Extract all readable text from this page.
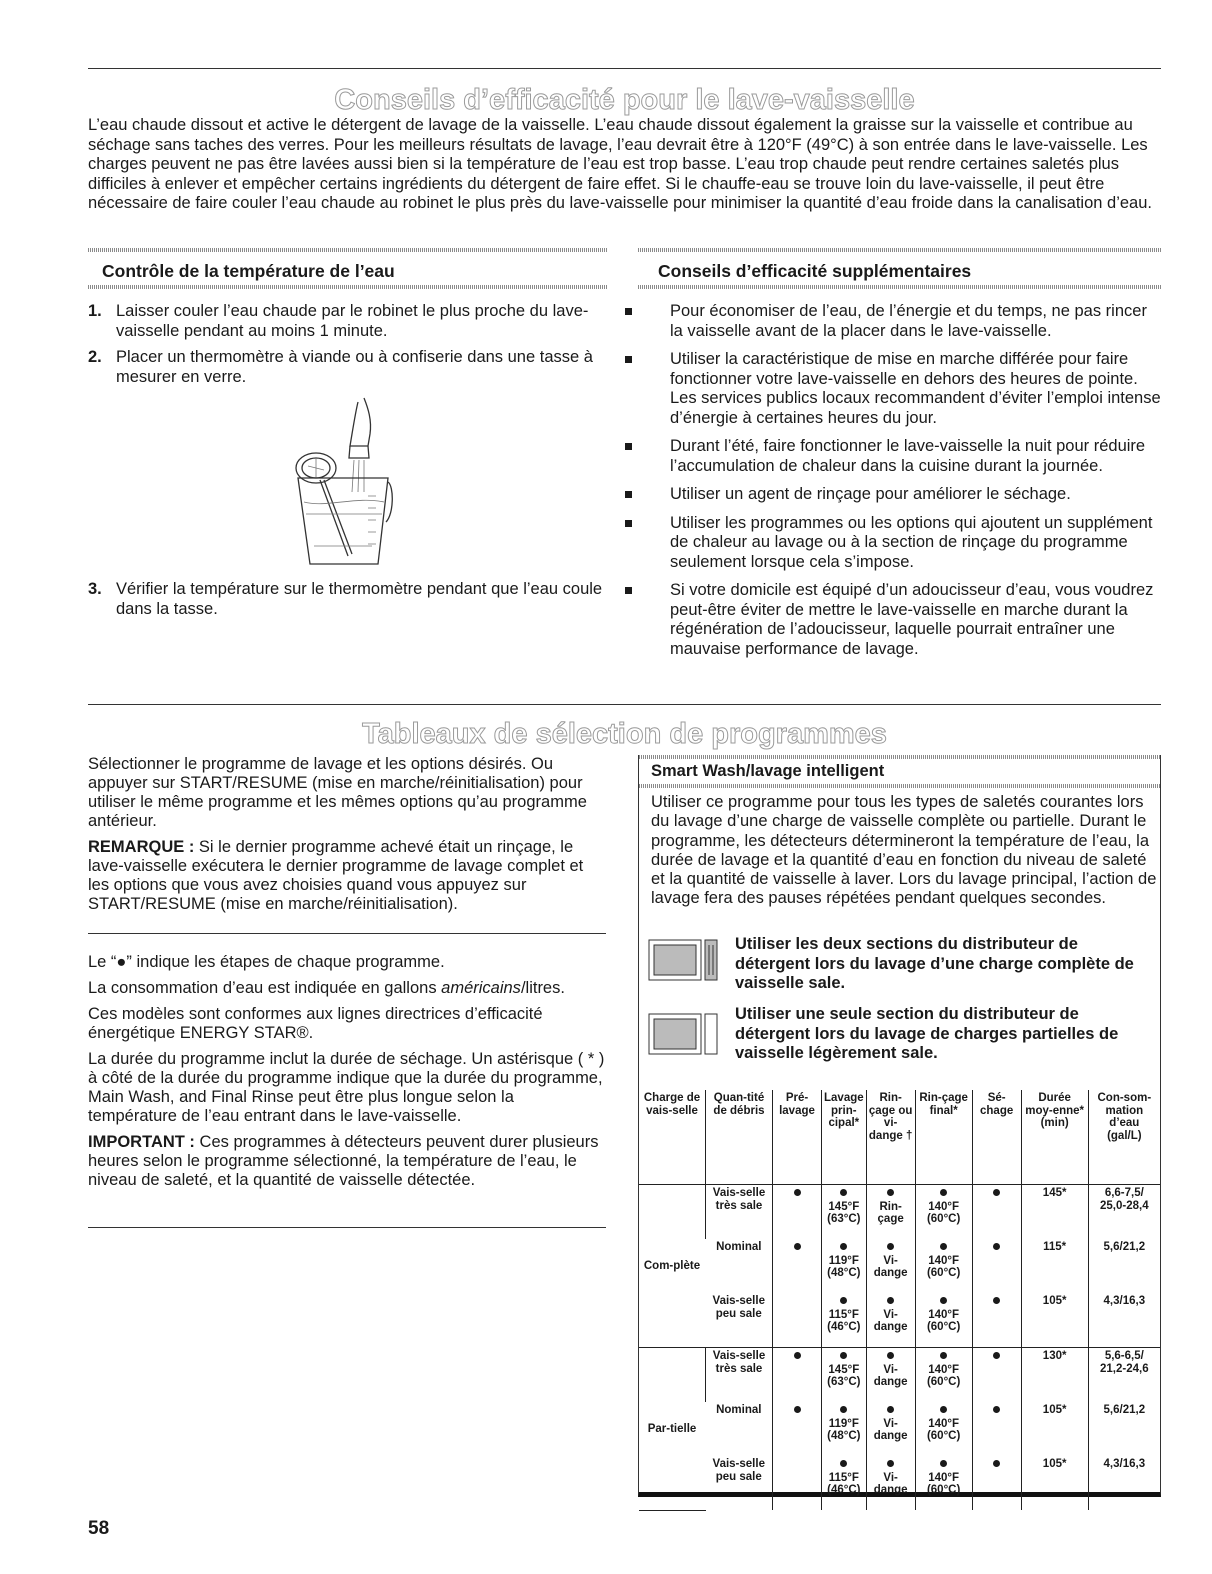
Conseils d’efficacité pour le lave-vaisselle
L’eau chaude dissout et active le détergent de lavage de la vaisselle. L’eau chaude dissout également la graisse sur la vaisselle et contribue au séchage sans taches des verres. Pour les meilleurs résultats de lavage, l’eau devrait être à 120°F (49°C) à son entrée dans le lave-vaisselle. Les charges peuvent ne pas être lavées aussi bien si la température de l’eau est trop basse. L’eau trop chaude peut rendre certaines saletés plus difficiles à enlever et empêcher certains ingrédients du détergent de faire effet. Si le chauffe-eau se trouve loin du lave-vaisselle, il peut être nécessaire de faire couler l’eau chaude au robinet le plus près du lave-vaisselle pour minimiser la quantité d’eau froide dans la canalisation d’eau.
Contrôle de la température de l’eau
1. Laisser couler l’eau chaude par le robinet le plus proche du lave-vaisselle pendant au moins 1 minute.
2. Placer un thermomètre à viande ou à confiserie dans une tasse à mesurer en verre.
3. Vérifier la température sur le thermomètre pendant que l’eau coule dans la tasse.
Conseils d’efficacité supplémentaires
Pour économiser de l’eau, de l’énergie et du temps, ne pas rincer la vaisselle avant de la placer dans le lave-vaisselle.
Utiliser la caractéristique de mise en marche différée pour faire fonctionner votre lave-vaisselle en dehors des heures de pointe. Les services publics locaux recommandent d’éviter l’emploi intense d’énergie à certaines heures du jour.
Durant l’été, faire fonctionner le lave-vaisselle la nuit pour réduire l’accumulation de chaleur dans la cuisine durant la journée.
Utiliser un agent de rinçage pour améliorer le séchage.
Utiliser les programmes ou les options qui ajoutent un supplément de chaleur au lavage ou à la section de rinçage du programme seulement lorsque cela s’impose.
Si votre domicile est équipé d’un adoucisseur d’eau, vous voudrez peut-être éviter de mettre le lave-vaisselle en marche durant la régénération de l’adoucisseur, laquelle pourrait entraîner une mauvaise performance de lavage.
Tableaux de sélection de programmes

Sélectionner le programme de lavage et les options désirés. Ou appuyer sur START/RESUME (mise en marche/réinitialisation) pour utiliser le même programme et les mêmes options qu’au programme antérieur.

REMARQUE : Si le dernier programme achevé était un rinçage, le lave-vaisselle exécutera le dernier programme de lavage complet et les options que vous avez choisies quand vous appuyez sur START/RESUME (mise en marche/réinitialisation).

Le “●” indique les étapes de chaque programme.

La consommation d’eau est indiquée en gallons américains/litres.

Ces modèles sont conformes aux lignes directrices d’efficacité énergétique ENERGY STAR®.

La durée du programme inclut la durée de séchage. Un astérisque ( * ) à côté de la durée du programme indique que la durée du programme, Main Wash, and Final Rinse peut être plus longue selon la température de l’eau entrant dans le lave-vaisselle.

IMPORTANT : Ces programmes à détecteurs peuvent durer plusieurs heures selon le programme sélectionné, la température de l’eau, le niveau de saleté, et la quantité de vaisselle détectée.

Smart Wash/lavage intelligent
Utiliser ce programme pour tous les types de saletés courantes lors du lavage d’une charge de vaisselle complète ou partielle. Durant le programme, les détecteurs détermineront la température de l’eau, la durée de lavage et la quantité d’eau en fonction du niveau de saleté et la quantité de vaisselle à laver. Lors du lavage principal, l’action de lavage fera des pauses répétées pendant quelques secondes.
Utiliser les deux sections du distributeur de détergent lors du lavage d’une charge complète de vaisselle sale.
Utiliser une seule section du distributeur de détergent lors du lavage de charges partielles de vaisselle légèrement sale.
Charge de vais-selle	Quan-tité de débris	Pré-lavage	Lavage prin-cipal*	Rin-çage ou vi-dange †	Rin-çage final*	Sé-chage	Durée moy-enne* (min)	Con-som-mation d’eau (gal/L)
Com-plète	Vais-selle très sale		145°F (63°C)	Rin-çage	140°F (60°C)		145*	6,6-7,5/ 25,0-28,4
	Nominal		119°F (48°C)	Vi-dange	140°F (60°C)		115*	5,6/21,2
	Vais-selle peu sale		115°F (46°C)	Vi-dange	140°F (60°C)		105*	4,3/16,3
Par-tielle	Vais-selle très sale		145°F (63°C)	Vi-dange	140°F (60°C)		130*	5,6-6,5/ 21,2-24,6
	Nominal		119°F (48°C)	Vi-dange	140°F (60°C)		105*	5,6/21,2
	Vais-selle peu sale		115°F (46°C)	Vi-dange	140°F (60°C)		105*	4,3/16,3
58
